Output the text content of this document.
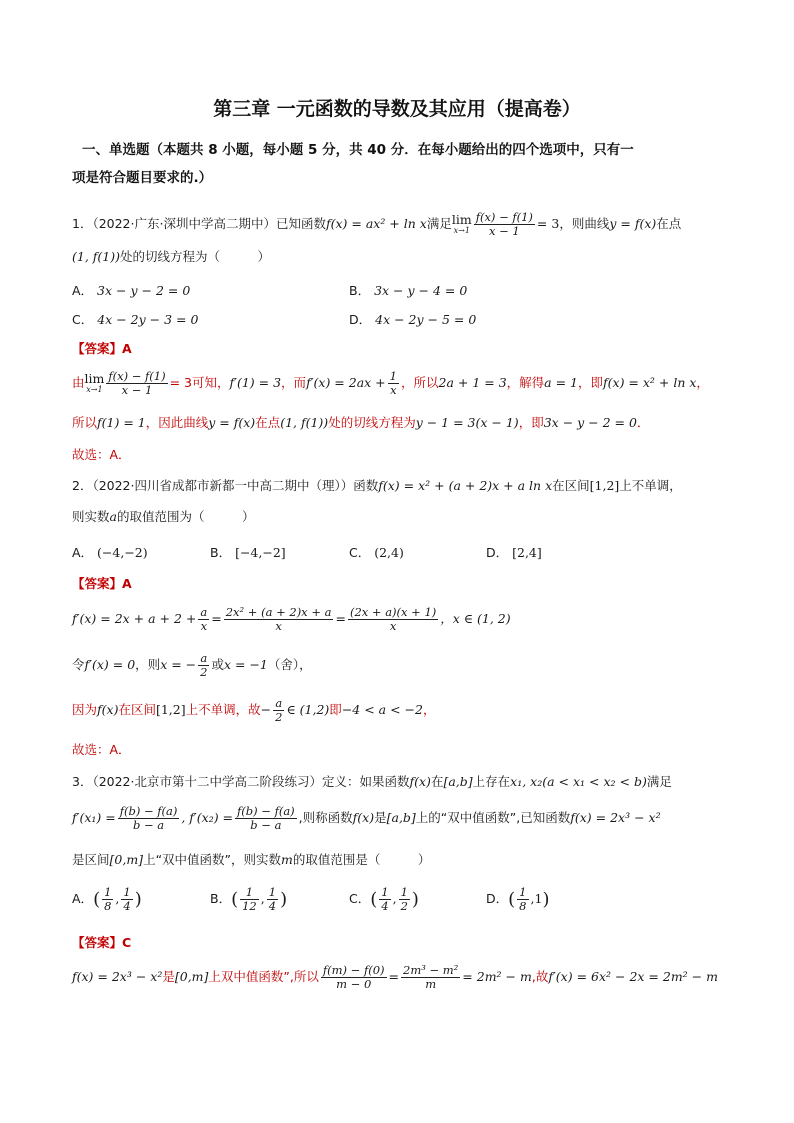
第三章 一元函数的导数及其应用（提高卷）
一、单选题（本题共 8 小题，每小题 5 分，共 40 分．在每小题给出的四个选项中，只有一
项是符合题目要求的.）
1．（2022·广东·深圳中学高二期中）已知函数f(x) = ax² + ln x满足 lim
$x\to 1 \frac{f(x) - f(1)}{x - 1} = 3$，则曲线y = f(x)在点
(1, f(1))处的切线方程为（　　　）
A． 3x − y − 2 = 0	B． 3x − y − 4 = 0
C． 4x − 2y − 3 = 0	D． 4x − 2y − 5 = 0
【答案】A
由 lim
$x\to 1 \frac{f(x) - f(1)}{x - 1} = 3$可知，f′(1) = 3，而$f'(x) = 2ax + \frac{1}{x}$ ，所以2a + 1 = 3，解得a = 1，即f(x) = x² + ln x，
所以f(1) = 1，因此曲线y = f(x)在点(1, f(1))处的切线方程为y − 1 = 3(x − 1)，即3x − y − 2 = 0．
故选：A．
2．（2022·四川省成都市新都一中高二期中（理））函数f(x) = x² + (a + 2)x + a ln x在区间[1,2]上不单调，
则实数a的取值范围为（　　　）
A． (−4,−2)	B． [−4,−2]	C． (2,4)	D． [2,4]
【答案】A
$f'(x) = 2x + a + 2 + \frac{a}{x} = \frac{\text{2x² + (a + 2)x + a}}{x} = \frac{(2x + a)(x + 1)}{x}$ ，x ∈ (1, 2)
令f′(x) = 0，则x = − $\frac{a}{2}$ 或x = −1（舍），
因为f(x)在区间[1,2]上不单调，故− $\frac{a}{2}$ ∈ (1,2)即−4 < a < −2，
故选：A．
3．（2022·北京市第十二中学高二阶段练习）定义：如果函数f(x)在[a,b]上存在x₁, x₂(a < x₁ < x₂ < b)满足
$f'(x_1) = \frac{f(b) - f(a)}{b - a}$ , $f'(x_2) = \frac{f(b) - f(a)}{b - a}$ ,则称函数f(x)是[a,b]上的“双中值函数”,已知函数f(x) = 2x³ − x²
是区间[0,m]上“双中值函数”，则实数m的取值范围是（　　　）
A．( $\frac{1}{8}$ , $\frac{1}{4}$ )	B．( $\frac{1}{12}$ , $\frac{1}{4}$ )	C．( $\frac{1}{4}$ , $\frac{1}{2}$ )	D．( $\frac{1}{8} ,1$)
【答案】C
f(x) = 2x³ − x²是[0,m]上双中值函数”,所以 $\frac{f(m) - f(0)}{m - 0} = \frac{\text{2m³ − m²}}{m} = 2m^2 - m$,故f′(x) = 6x² − 2x = 2m² − m
